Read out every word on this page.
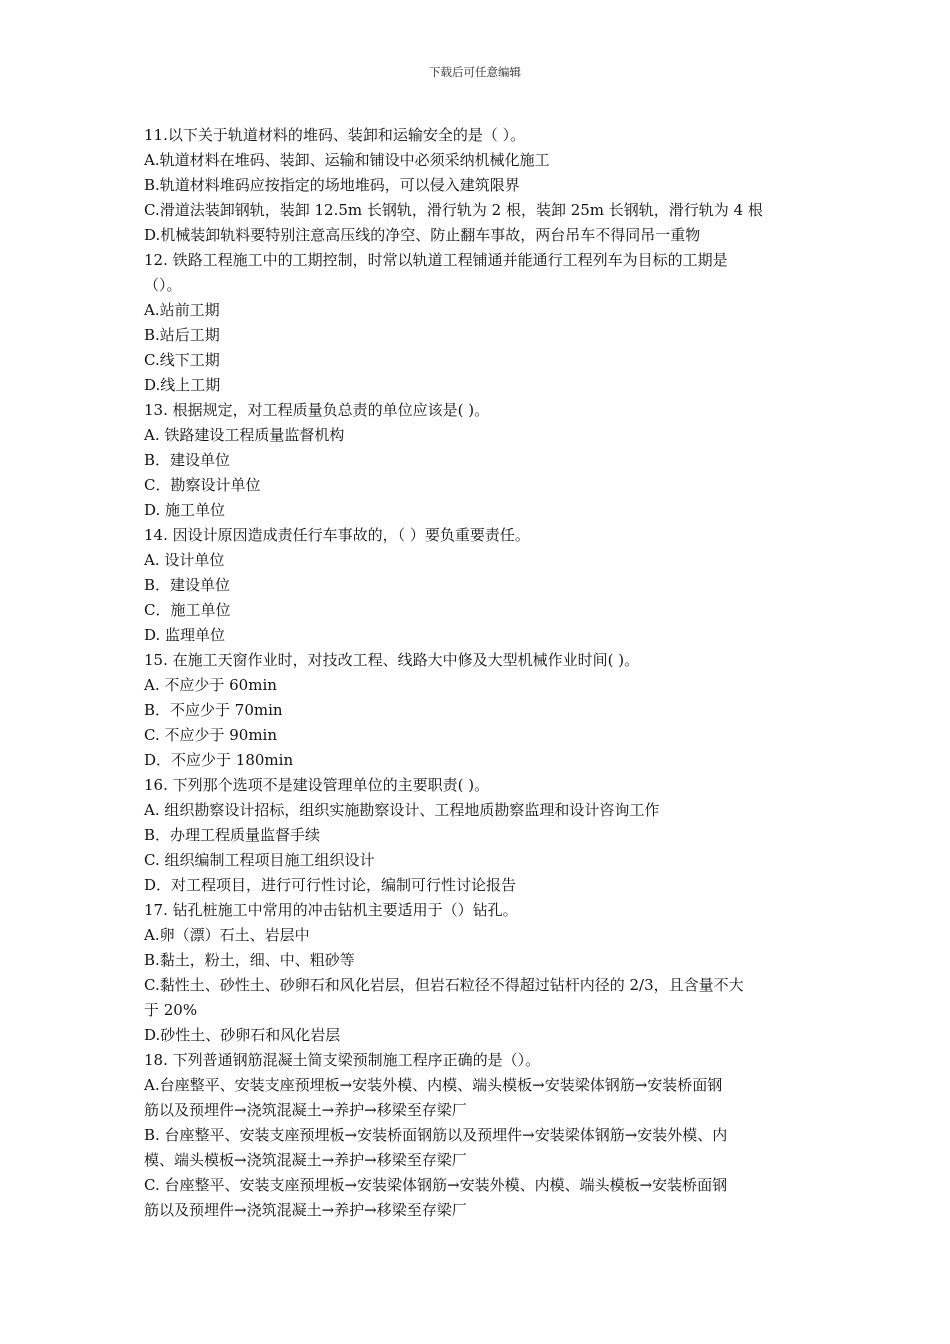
下载后可任意编辑
11.以下关于轨道材料的堆码、装卸和运输安全的是（ ）。
A.轨道材料在堆码、装卸、运输和铺设中必须采纳机械化施工
B.轨道材料堆码应按指定的场地堆码，可以侵入建筑限界
C.滑道法装卸钢轨，装卸 12.5m 长钢轨，滑行轨为 2 根，装卸 25m 长钢轨，滑行轨为 4 根
D.机械装卸轨料要特别注意高压线的净空、防止翻车事故，两台吊车不得同吊一重物
12. 铁路工程施工中的工期控制，时常以轨道工程铺通并能通行工程列车为目标的工期是
（）。
A.站前工期
B.站后工期
C.线下工期
D.线上工期
13. 根据规定，对工程质量负总责的单位应该是( )。
A. 铁路建设工程质量监督机构
B．建设单位
C．勘察设计单位
D. 施工单位
14. 因设计原因造成责任行车事故的，（ ）要负重要责任。
A. 设计单位
B．建设单位
C．施工单位
D. 监理单位
15. 在施工天窗作业时，对技改工程、线路大中修及大型机械作业时间( )。
A. 不应少于 60min
B．不应少于 70min
C. 不应少于 90min
D．不应少于 180min
16. 下列那个选项不是建设管理单位的主要职责( )。
A. 组织勘察设计招标，组织实施勘察设计、工程地质勘察监理和设计咨询工作
B．办理工程质量监督手续
C. 组织编制工程项目施工组织设计
D．对工程项目，进行可行性讨论，编制可行性讨论报告
17. 钻孔桩施工中常用的冲击钻机主要适用于（）钻孔。
A.卵（漂）石土、岩层中
B.黏土，粉土，细、中、粗砂等
C.黏性土、砂性土、砂卵石和风化岩层，但岩石粒径不得超过钻杆内径的 2/3，且含量不大
于 20%
D.砂性土、砂卵石和风化岩层
18. 下列普通钢筋混凝土简支梁预制施工程序正确的是（）。
A.台座整平、安装支座预埋板→安装外模、内模、端头模板→安装梁体钢筋→安装桥面钢
筋以及预埋件→浇筑混凝土→养护→移梁至存梁厂
B. 台座整平、安装支座预埋板→安装桥面钢筋以及预埋件→安装梁体钢筋→安装外模、内
模、端头模板→浇筑混凝土→养护→移梁至存梁厂
C. 台座整平、安装支座预埋板→安装梁体钢筋→安装外模、内模、端头模板→安装桥面钢
筋以及预埋件→浇筑混凝土→养护→移梁至存梁厂
